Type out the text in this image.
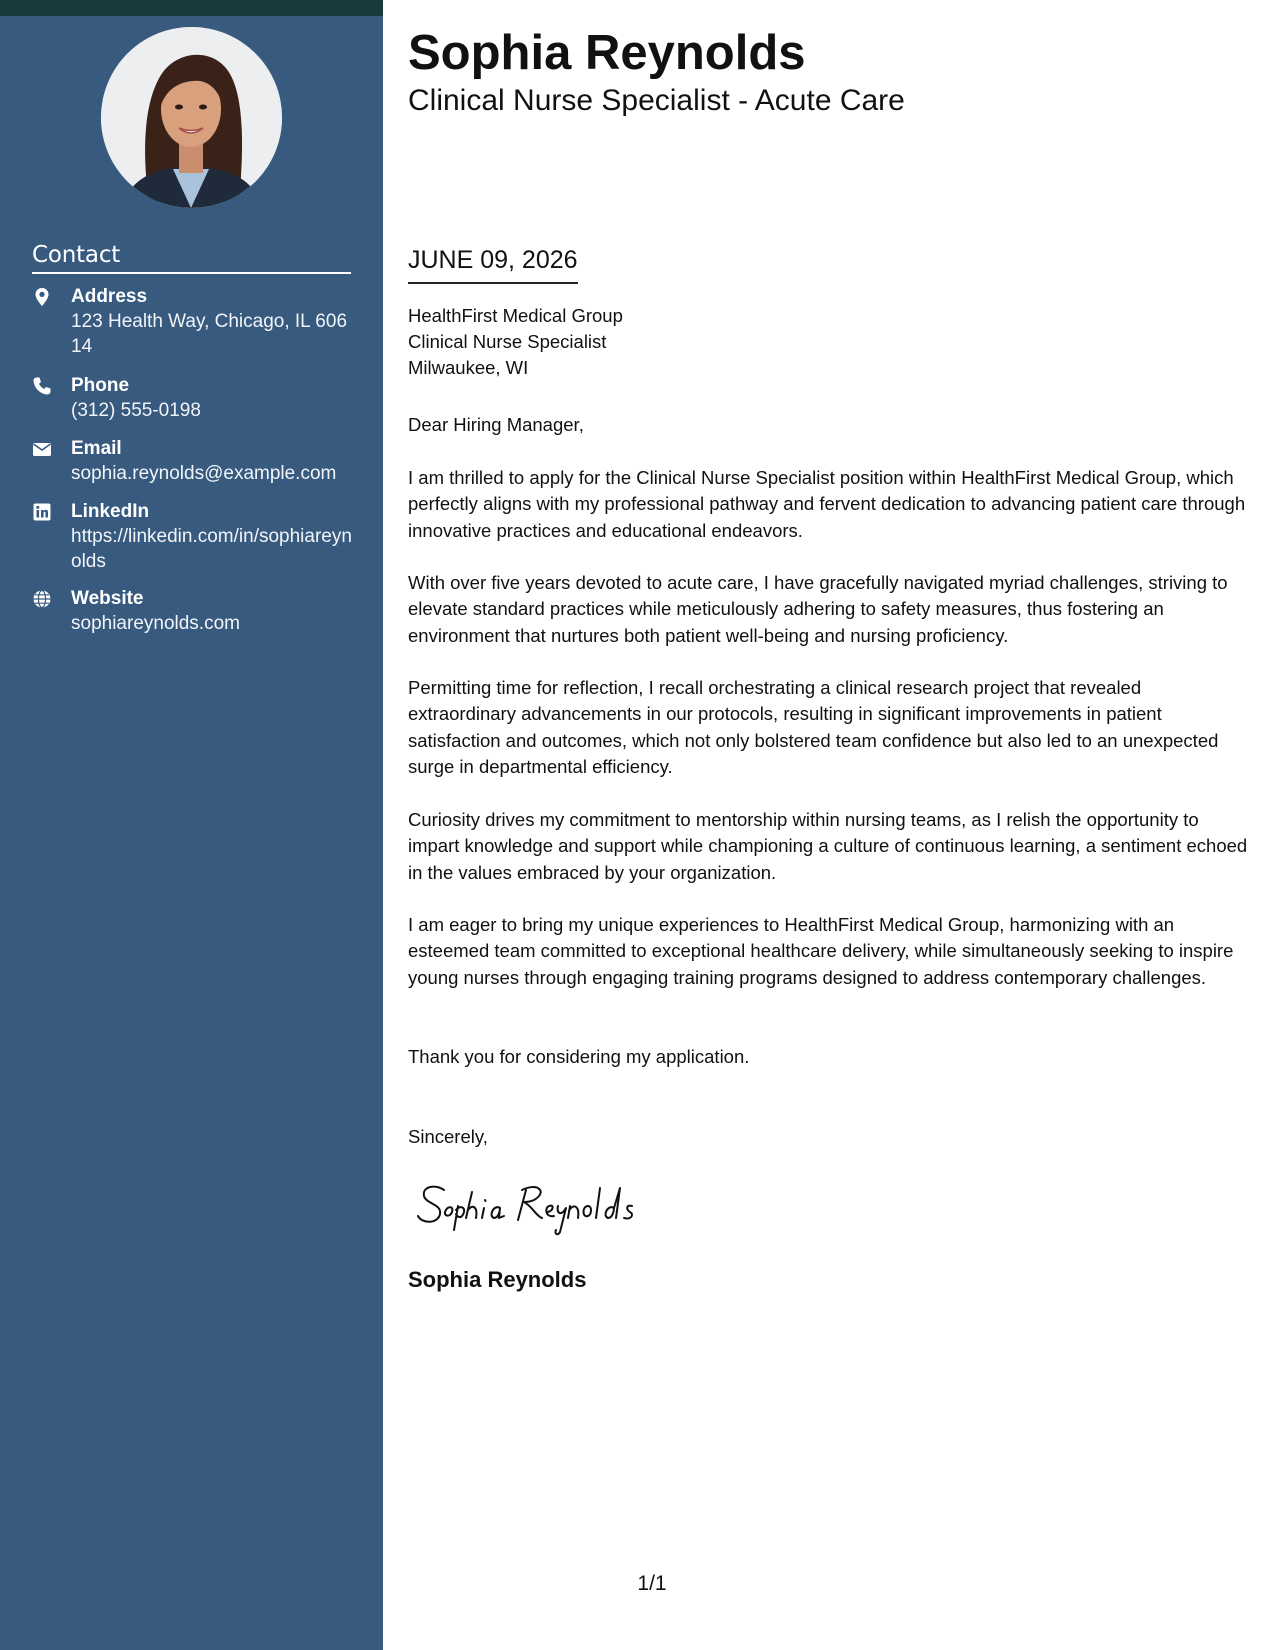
Contact
Address
123 Health Way, Chicago, IL 60614
Phone
(312) 555-0198
Email
sophia.reynolds@example.com
LinkedIn
https://linkedin.com/in/sophiareynolds
Website
sophiareynolds.com
Sophia Reynolds
Clinical Nurse Specialist - Acute Care
JUNE 09, 2026
HealthFirst Medical Group
Clinical Nurse Specialist
Milwaukee, WI

Dear Hiring Manager,

I am thrilled to apply for the Clinical Nurse Specialist position within HealthFirst Medical Group, which perfectly aligns with my professional pathway and fervent dedication to advancing patient care through innovative practices and educational endeavors.

With over five years devoted to acute care, I have gracefully navigated myriad challenges, striving to elevate standard practices while meticulously adhering to safety measures, thus fostering an environment that nurtures both patient well-being and nursing proficiency.

Permitting time for reflection, I recall orchestrating a clinical research project that revealed extraordinary advancements in our protocols, resulting in significant improvements in patient satisfaction and outcomes, which not only bolstered team confidence but also led to an unexpected surge in departmental efficiency.

Curiosity drives my commitment to mentorship within nursing teams, as I relish the opportunity to impart knowledge and support while championing a culture of continuous learning, a sentiment echoed in the values embraced by your organization.

I am eager to bring my unique experiences to HealthFirst Medical Group, harmonizing with an esteemed team committed to exceptional healthcare delivery, while simultaneously seeking to inspire young nurses through engaging training programs designed to address contemporary challenges.

Thank you for considering my application.

Sincerely,

Sophia Reynolds
1/1
